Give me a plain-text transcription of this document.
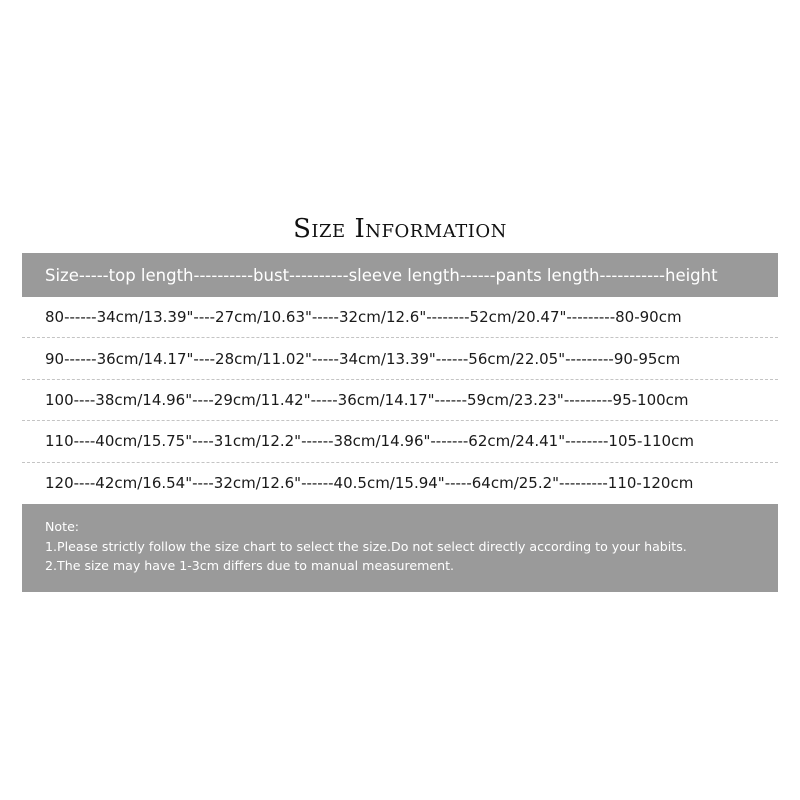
Size Information
Size-----top length----------bust----------sleeve length------pants length-----------height
80------34cm/13.39"----27cm/10.63"-----32cm/12.6"--------52cm/20.47"---------80-90cm
90------36cm/14.17"----28cm/11.02"-----34cm/13.39"------56cm/22.05"---------90-95cm
100----38cm/14.96"----29cm/11.42"-----36cm/14.17"------59cm/23.23"---------95-100cm
110----40cm/15.75"----31cm/12.2"------38cm/14.96"-------62cm/24.41"--------105-110cm
120----42cm/16.54"----32cm/12.6"------40.5cm/15.94"-----64cm/25.2"---------110-120cm
Note:
1.Please strictly follow the size chart to select the size.Do not select directly according to your habits.
2.The size may have 1-3cm differs due to manual measurement.
